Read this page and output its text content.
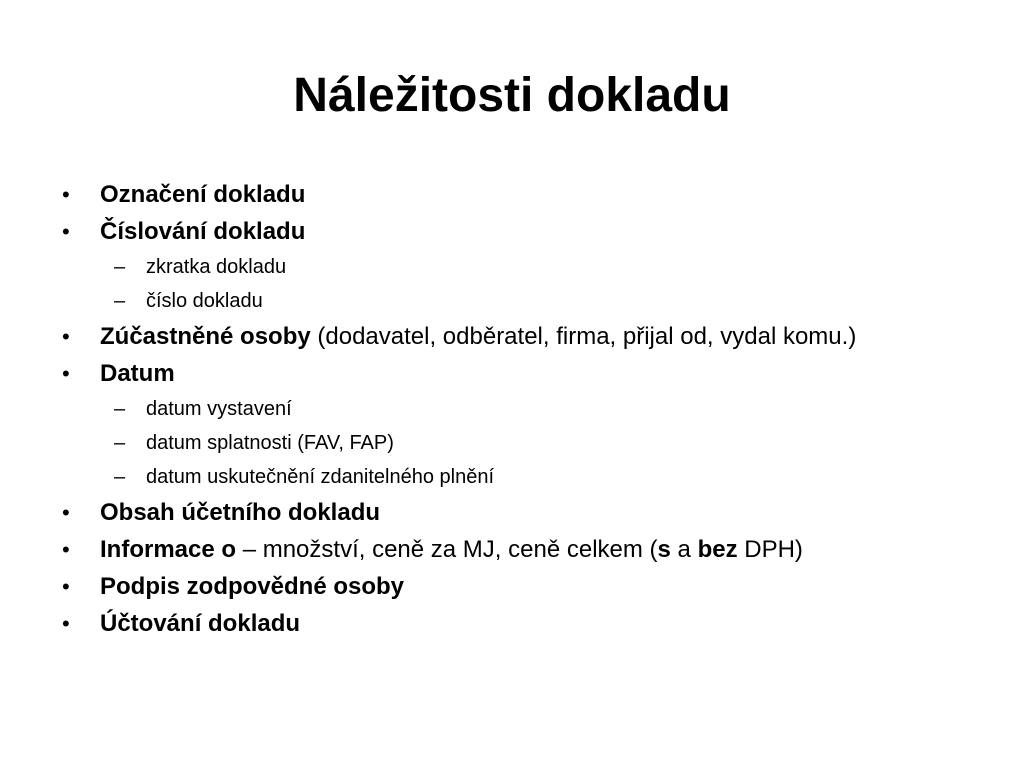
Náležitosti dokladu
• Označení dokladu
• Číslování dokladu
– zkratka dokladu
– číslo dokladu
• Zúčastněné osoby (dodavatel, odběratel, firma, přijal od, vydal komu.)
• Datum
– datum vystavení
– datum splatnosti (FAV, FAP)
– datum uskutečnění zdanitelného plnění
• Obsah účetního dokladu
• Informace o – množství, ceně za MJ, ceně celkem (s a bez DPH)
• Podpis zodpovědné osoby
• Účtování dokladu
